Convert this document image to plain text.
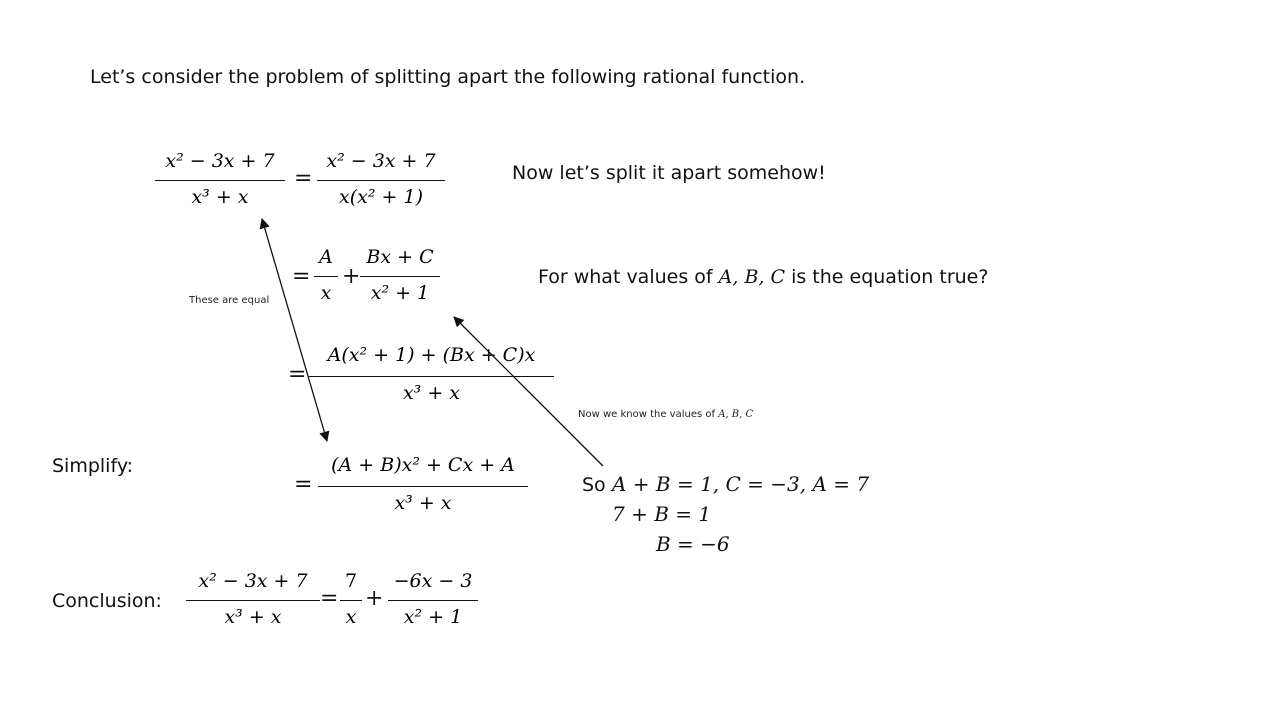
Let’s consider the problem of splitting apart the following rational function.
x² − 3x + 7
x³ + x
=
x² − 3x + 7
x(x² + 1)
Now let’s split it apart somehow!
=
A
x
+
Bx + C
x² + 1
For what values of A, B, C is the equation true?
These are equal
=
A(x² + 1) + (Bx + C)x
x³ + x
Now we know the values of A, B, C
Simplify:
=
(A + B)x² + Cx + A
x³ + x
So A + B = 1, C = −3, A = 7
7 + B = 1
B = −6
Conclusion:
x² − 3x + 7
x³ + x
=
7
x
+
−6x − 3
x² + 1
